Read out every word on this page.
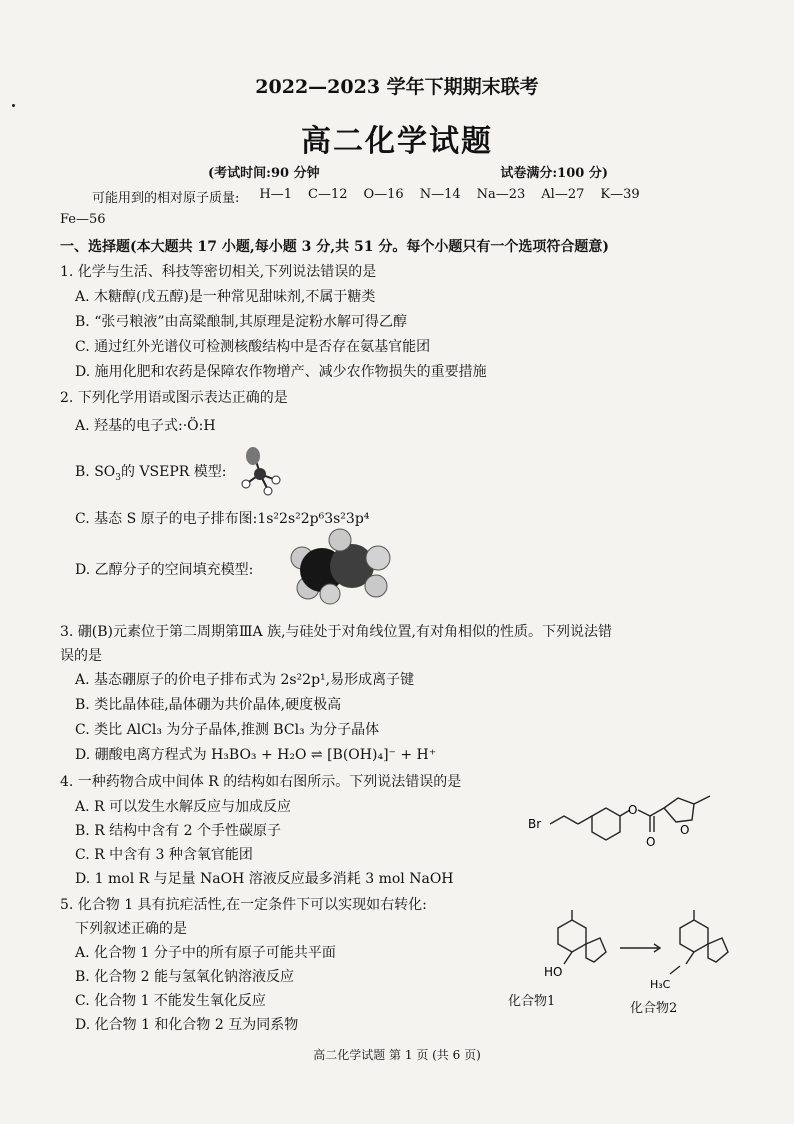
2022—2023 学年下期期末联考
高二化学试题
(考试时间:90 分钟	试卷满分:100 分)
可能用到的相对原子质量: H—1 C—12 O—16 N—14 Na—23 Al—27 K—39
Fe—56
一、选择题(本大题共 17 小题,每小题 3 分,共 51 分。每个小题只有一个选项符合题意)
1. 化学与生活、科技等密切相关,下列说法错误的是
A. 木糖醇(戊五醇)是一种常见甜味剂,不属于糖类
B. “张弓粮液”由高粱酿制,其原理是淀粉水解可得乙醇
C. 通过红外光谱仪可检测核酸结构中是否存在氨基官能团
D. 施用化肥和农药是保障农作物增产、减少农作物损失的重要措施
2. 下列化学用语或图示表达正确的是
A. 羟基的电子式:·Ö:H
B. $SO_3$的 VSEPR 模型:
C. 基态 S 原子的电子排布图:1s²2s²2p⁶3s²3p⁴
D. 乙醇分子的空间填充模型:
3. 硼(B)元素位于第二周期第ⅢA 族,与硅处于对角线位置,有对角相似的性质。下列说法错
误的是
A. 基态硼原子的价电子排布式为 2s²2p¹,易形成离子键
B. 类比晶体硅,晶体硼为共价晶体,硬度极高
C. 类比 AlCl₃ 为分子晶体,推测 BCl₃ 为分子晶体
D. 硼酸电离方程式为 H₃BO₃ + H₂O ⇌ [B(OH)₄]⁻ + H⁺
4. 一种药物合成中间体 R 的结构如右图所示。下列说法错误的是
A. R 可以发生水解反应与加成反应
B. R 结构中含有 2 个手性碳原子
C. R 中含有 3 种含氧官能团
D. 1 mol R 与足量 NaOH 溶液反应最多消耗 3 mol NaOH
Br
O
O
O
5. 化合物 1 具有抗疟活性,在一定条件下可以实现如右转化:
下列叙述正确的是
A. 化合物 1 分子中的所有原子可能共平面
B. 化合物 2 能与氢氧化钠溶液反应
C. 化合物 1 不能发生氧化反应
D. 化合物 1 和化合物 2 互为同系物
HO
H₃C
化合物1	化合物2
高二化学试题 第 1 页 (共 6 页)
